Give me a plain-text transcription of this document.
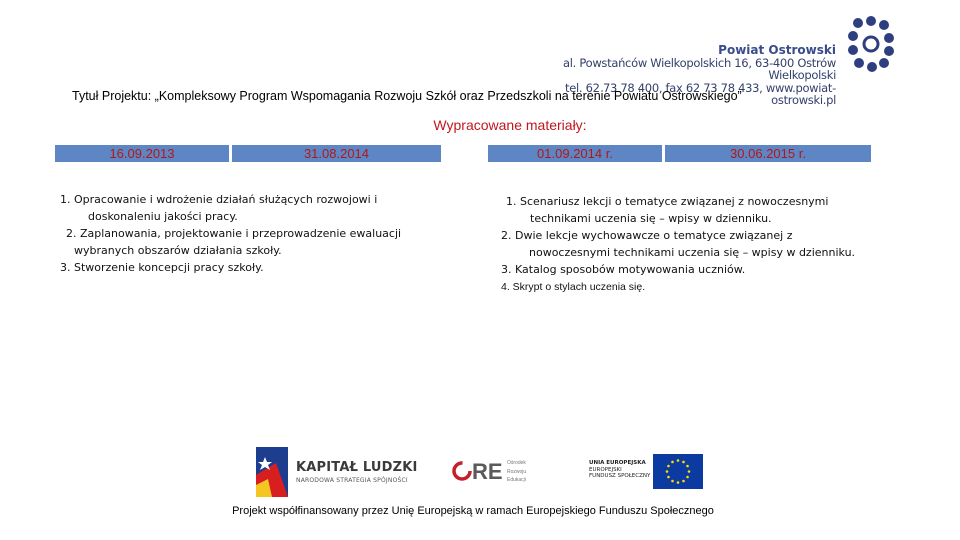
Powiat Ostrowski
al. Powstańców Wielkopolskich 16, 63-400 Ostrów Wielkopolski
tel. 62 73 78 400, fax 62 73 78 433, www.powiat-ostrowski.pl
Tytuł Projektu: „Kompleksowy Program Wspomagania Rozwoju Szkół oraz Przedszkoli na terenie Powiatu Ostrowskiego”
Wypracowane materiały:
16.09.2013	31.08.2014	01.09.2014 r.	30.06.2015 r.

1. Opracowanie i wdrożenie działań służących rozwojowi i

doskonaleniu jakości pracy.

2. Zaplanowania, projektowanie i przeprowadzenie ewaluacji

wybranych obszarów działania szkoły.

3. Stworzenie koncepcji pracy szkoły.

1. Scenariusz lekcji o tematyce związanej z nowoczesnymi

technikami uczenia się – wpisy w dzienniku.

2. Dwie lekcje wychowawcze o tematyce związanej z

nowoczesnymi technikami uczenia się – wpisy w dzienniku.

3. Katalog sposobów motywowania uczniów.

4. Skrypt o stylach uczenia się.

KAPITAŁ LUDZKI
NARODOWA STRATEGIA SPÓJNOŚCI	RE Ośrodek
Rozwoju
Edukacji
UNIA EUROPEJSKA
EUROPEJSKI
FUNDUSZ SPOŁECZNY
Projekt współfinansowany przez Unię Europejską w ramach Europejskiego Funduszu Społecznego
